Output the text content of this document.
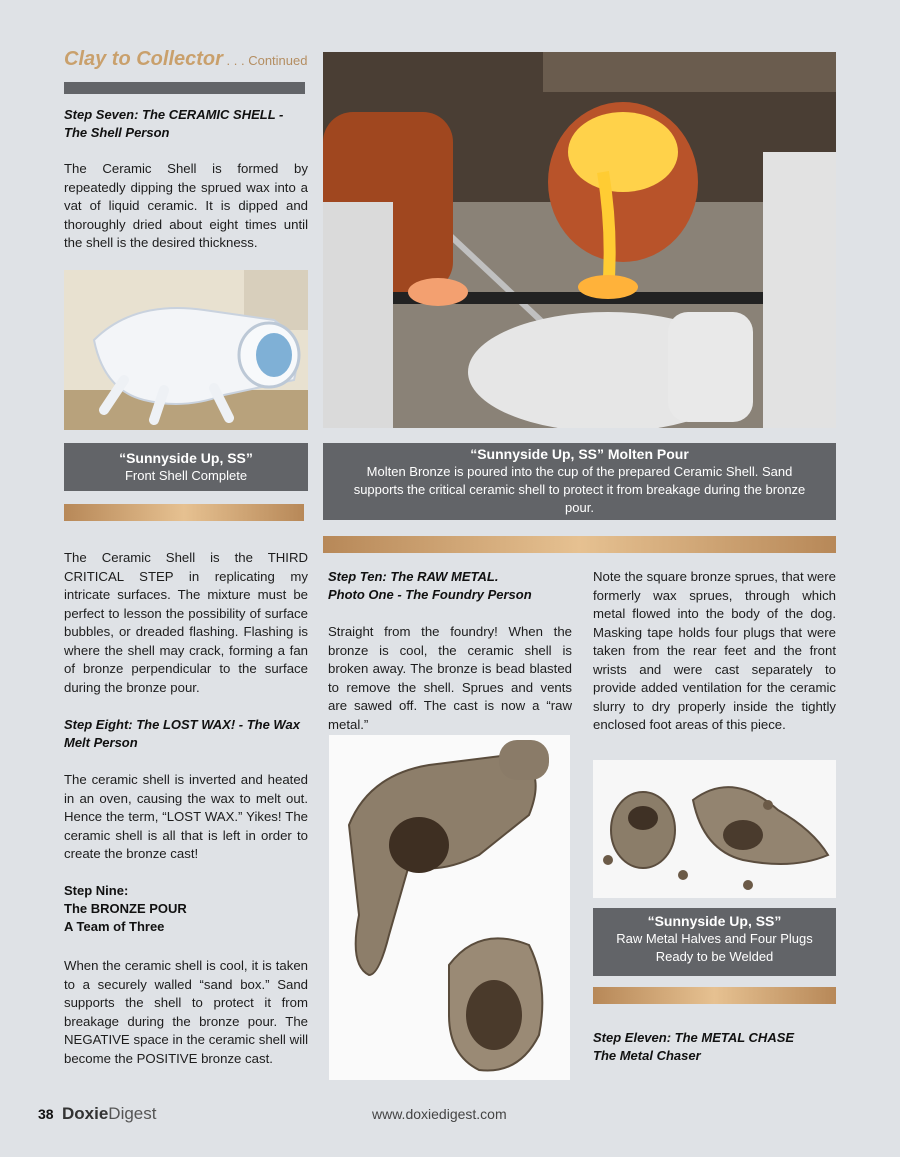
Clay to Collector . . . Continued
Step Seven: The CERAMIC SHELL - The Shell Person
The Ceramic Shell is formed by repeatedly dipping the sprued wax into a vat of liquid ceramic. It is dipped and thoroughly dried about eight times until the shell is the desired thickness.
“Sunnyside Up, SS”
Front Shell Complete
“Sunnyside Up, SS” Molten Pour
Molten Bronze is poured into the cup of the prepared Ceramic Shell. Sand supports the critical ceramic shell to protect it from breakage during the bronze pour.
The Ceramic Shell is the THIRD CRITICAL STEP in replicating my intricate surfaces. The mixture must be perfect to lesson the possibility of surface bubbles, or dreaded flashing. Flashing is where the shell may crack, forming a fan of bronze perpendicular to the surface during the bronze pour.
Step Eight: The LOST WAX! - The Wax Melt Person
The ceramic shell is inverted and heated in an oven, causing the wax to melt out. Hence the term, “LOST WAX.” Yikes! The ceramic shell is all that is left in order to create the bronze cast!
Step Nine:
The BRONZE POUR
A Team of Three
When the ceramic shell is cool, it is taken to a securely walled “sand box.” Sand supports the shell to protect it from breakage during the bronze pour. The NEGATIVE space in the ceramic shell will become the POSITIVE bronze cast.
Step Ten: The RAW METAL.
Photo One - The Foundry Person
Straight from the foundry! When the bronze is cool, the ceramic shell is broken away. The bronze is bead blasted to remove the shell. Sprues and vents are sawed off. The cast is now a “raw metal.”
Note the square bronze sprues, that were formerly wax sprues, through which metal flowed into the body of the dog. Masking tape holds four plugs that were taken from the rear feet and the front wrists and were cast separately to provide added ventilation for the ceramic slurry to dry properly inside the tightly enclosed foot areas of this piece.
“Sunnyside Up, SS”
Raw Metal Halves and Four Plugs
Ready to be Welded
Step Eleven: The METAL CHASE
The Metal Chaser
38 DoxieDigest	www.doxiedigest.com
